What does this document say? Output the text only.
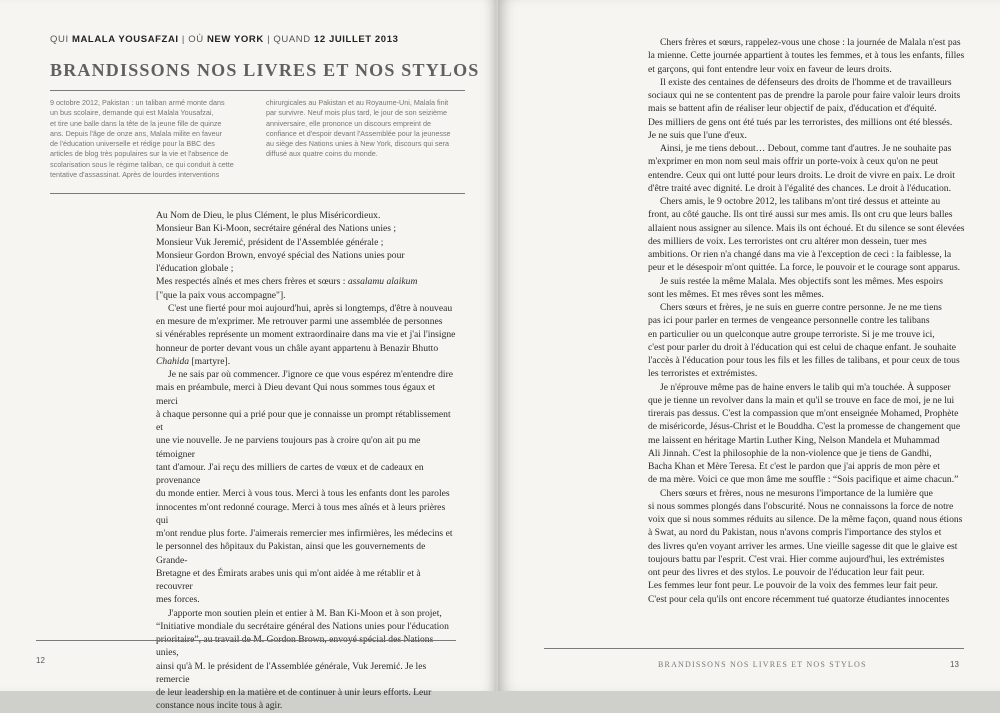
QUI MALALA YOUSAFZAI | OÙ NEW YORK | QUAND 12 JUILLET 2013
BRANDISSONS NOS LIVRES ET NOS STYLOS
9 octobre 2012, Pakistan : un taliban armé monte dans
un bus scolaire, demande qui est Malala Yousafzai,
et tire une balle dans la tête de la jeune fille de quinze
ans. Depuis l'âge de onze ans, Malala milite en faveur
de l'éducation universelle et rédige pour la BBC des
articles de blog très populaires sur la vie et l'absence de
scolarisation sous le régime taliban, ce qui conduit à cette
tentative d'assassinat. Après de lourdes interventions
chirurgicales au Pakistan et au Royaume-Uni, Malala finit
par survivre. Neuf mois plus tard, le jour de son seizième
anniversaire, elle prononce un discours empreint de
confiance et d'espoir devant l'Assemblée pour la jeunesse
au siège des Nations unies à New York, discours qui sera
diffusé aux quatre coins du monde.

Au Nom de Dieu, le plus Clément, le plus Miséricordieux.

Monsieur Ban Ki-Moon, secrétaire général des Nations unies ;

Monsieur Vuk Jeremić, président de l'Assemblée générale ;

Monsieur Gordon Brown, envoyé spécial des Nations unies pour

l'éducation globale ;

Mes respectés aînés et mes chers frères et sœurs : assalamu alaikum

["que la paix vous accompagne"].

C'est une fierté pour moi aujourd'hui, après si longtemps, d'être à nouveau

en mesure de m'exprimer. Me retrouver parmi une assemblée de personnes

si vénérables représente un moment extraordinaire dans ma vie et j'ai l'insigne

honneur de porter devant vous un châle ayant appartenu à Benazir Bhutto

Chahida [martyre].

Je ne sais par où commencer. J'ignore ce que vous espérez m'entendre dire

mais en préambule, merci à Dieu devant Qui nous sommes tous égaux et merci

à chaque personne qui a prié pour que je connaisse un prompt rétablissement et

une vie nouvelle. Je ne parviens toujours pas à croire qu'on ait pu me témoigner

tant d'amour. J'ai reçu des milliers de cartes de vœux et de cadeaux en provenance

du monde entier. Merci à vous tous. Merci à tous les enfants dont les paroles

innocentes m'ont redonné courage. Merci à tous mes aînés et à leurs prières qui

m'ont rendue plus forte. J'aimerais remercier mes infirmières, les médecins et

le personnel des hôpitaux du Pakistan, ainsi que les gouvernements de Grande-

Bretagne et des Émirats arabes unis qui m'ont aidée à me rétablir et à recouvrer

mes forces.

J'apporte mon soutien plein et entier à M. Ban Ki-Moon et à son projet,

“Initiative mondiale du secrétaire général des Nations unies pour l'éducation

unies,

ainsi qu'à M. le président de l'Assemblée générale, Vuk Jeremić. Je les remercie

de leur leadership en la matière et de continuer à unir leurs efforts. Leur

constance nous incite tous à agir.

12

Chers frères et sœurs, rappelez-vous une chose : la journée de Malala n'est pas

la mienne. Cette journée appartient à toutes les femmes, et à tous les enfants, filles

et garçons, qui font entendre leur voix en faveur de leurs droits.

Il existe des centaines de défenseurs des droits de l'homme et de travailleurs

sociaux qui ne se contentent pas de prendre la parole pour faire valoir leurs droits

mais se battent afin de réaliser leur objectif de paix, d'éducation et d'équité.

Des milliers de gens ont été tués par les terroristes, des millions ont été blessés.

Je ne suis que l'une d'eux.

Ainsi, je me tiens debout… Debout, comme tant d'autres. Je ne souhaite pas

m'exprimer en mon nom seul mais offrir un porte-voix à ceux qu'on ne peut

entendre. Ceux qui ont lutté pour leurs droits. Le droit de vivre en paix. Le droit

d'être traité avec dignité. Le droit à l'égalité des chances. Le droit à l'éducation.

Chers amis, le 9 octobre 2012, les talibans m'ont tiré dessus et atteinte au

front, au côté gauche. Ils ont tiré aussi sur mes amis. Ils ont cru que leurs balles

allaient nous assigner au silence. Mais ils ont échoué. Et du silence se sont élevées

des milliers de voix. Les terroristes ont cru altérer mon dessein, tuer mes

ambitions. Or rien n'a changé dans ma vie à l'exception de ceci : la faiblesse, la

peur et le désespoir m'ont quittée. La force, le pouvoir et le courage sont apparus.

Je suis restée la même Malala. Mes objectifs sont les mêmes. Mes espoirs

sont les mêmes. Et mes rêves sont les mêmes.

Chers sœurs et frères, je ne suis en guerre contre personne. Je ne me tiens

pas ici pour parler en termes de vengeance personnelle contre les talibans

en particulier ou un quelconque autre groupe terroriste. Si je me trouve ici,

c'est pour parler du droit à l'éducation qui est celui de chaque enfant. Je souhaite

l'accès à l'éducation pour tous les fils et les filles de talibans, et pour ceux de tous

les terroristes et extrémistes.

Je n'éprouve même pas de haine envers le talib qui m'a touchée. À supposer

que je tienne un revolver dans la main et qu'il se trouve en face de moi, je ne lui

tirerais pas dessus. C'est la compassion que m'ont enseignée Mohamed, Prophète

de miséricorde, Jésus-Christ et le Bouddha. C'est la promesse de changement que

me laissent en héritage Martin Luther King, Nelson Mandela et Muhammad

Ali Jinnah. C'est la philosophie de la non-violence que je tiens de Gandhi,

Bacha Khan et Mère Teresa. Et c'est le pardon que j'ai appris de mon père et

de ma mère. Voici ce que mon âme me souffle : “Sois pacifique et aime chacun.”

Chers sœurs et frères, nous ne mesurons l'importance de la lumière que

si nous sommes plongés dans l'obscurité. Nous ne connaissons la force de notre

voix que si nous sommes réduits au silence. De la même façon, quand nous étions

à Swat, au nord du Pakistan, nous n'avons compris l'importance des stylos et

des livres qu'en voyant arriver les armes. Une vieille sagesse dit que le glaive est

toujours battu par l'esprit. C'est vrai. Hier comme aujourd'hui, les extrémistes

ont peur des livres et des stylos. Le pouvoir de l'éducation leur fait peur.

Les femmes leur font peur. Le pouvoir de la voix des femmes leur fait peur.

C'est pour cela qu'ils ont encore récemment tué quatorze étudiantes innocentes

BRANDISSONS NOS LIVRES ET NOS STYLOS	13
